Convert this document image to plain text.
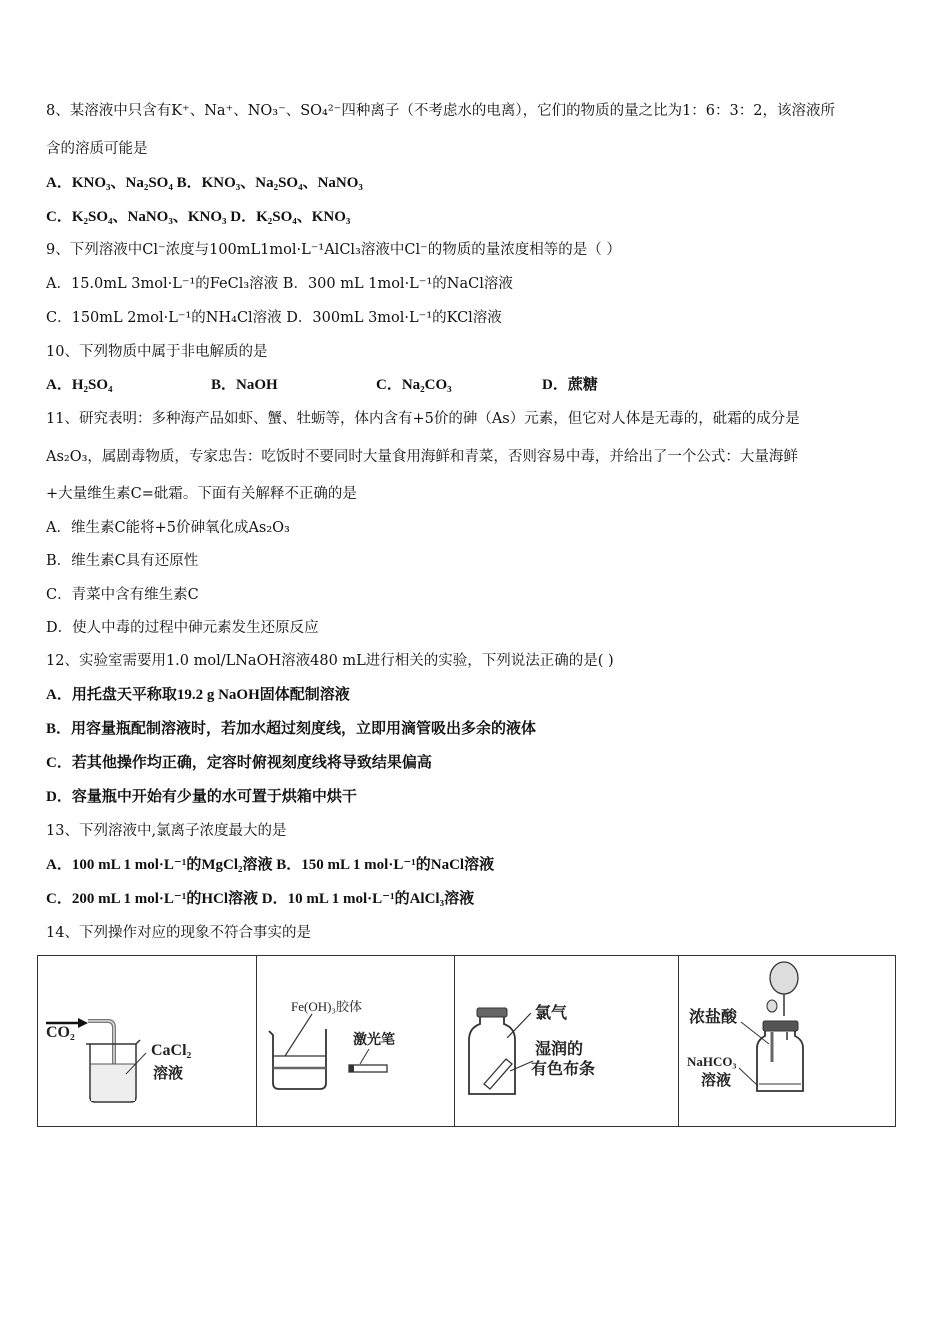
8、某溶液中只含有K⁺、Na⁺、NO₃⁻、SO₄²⁻四种离子（不考虑水的电离），它们的物质的量之比为1：6：3：2，该溶液所
含的溶质可能是
A．KNO₃、Na₂SO₄ B．KNO₃、Na₂SO₄、NaNO₃
C．K₂SO₄、NaNO₃、KNO₃ D．K₂SO₄、KNO₃
9、下列溶液中Cl⁻浓度与100mL1mol·L⁻¹AlCl₃溶液中Cl⁻的物质的量浓度相等的是（ ）
A．15.0mL 3mol·L⁻¹的FeCl₃溶液 B．300 mL 1mol·L⁻¹的NaCl溶液
C．150mL 2mol·L⁻¹的NH₄Cl溶液 D．300mL 3mol·L⁻¹的KCl溶液
10、下列物质中属于非电解质的是
A．H₂SO₄	B．NaOH	C．Na₂CO₃	D．蔗糖
11、研究表明：多种海产品如虾、蟹、牡蛎等，体内含有+5价的砷（As）元素，但它对人体是无毒的，砒霜的成分是
As₂O₃，属剧毒物质，专家忠告：吃饭时不要同时大量食用海鲜和青菜，否则容易中毒，并给出了一个公式：大量海鲜
+大量维生素C=砒霜。下面有关解释不正确的是
A．维生素C能将+5价砷氧化成As₂O₃
B．维生素C具有还原性
C．青菜中含有维生素C
D．使人中毒的过程中砷元素发生还原反应
12、实验室需要用1.0 mol/LNaOH溶液480 mL进行相关的实验，下列说法正确的是( )
A．用托盘天平称取19.2 g NaOH固体配制溶液
B．用容量瓶配制溶液时，若加水超过刻度线，立即用滴管吸出多余的液体
C．若其他操作均正确，定容时俯视刻度线将导致结果偏高
D．容量瓶中开始有少量的水可置于烘箱中烘干
13、下列溶液中,氯离子浓度最大的是
A．100 mL 1 mol·L⁻¹的MgCl₂溶液 B．150 mL 1 mol·L⁻¹的NaCl溶液
C．200 mL 1 mol·L⁻¹的HCl溶液 D．10 mL 1 mol·L⁻¹的AlCl₃溶液
14、下列操作对应的现象不符合事实的是
CO₂
CaCl₂
溶液
Fe(OH)₃胶体
激光笔
氯气
湿润的
有色布条
浓盐酸
NaHCO₃
溶液
